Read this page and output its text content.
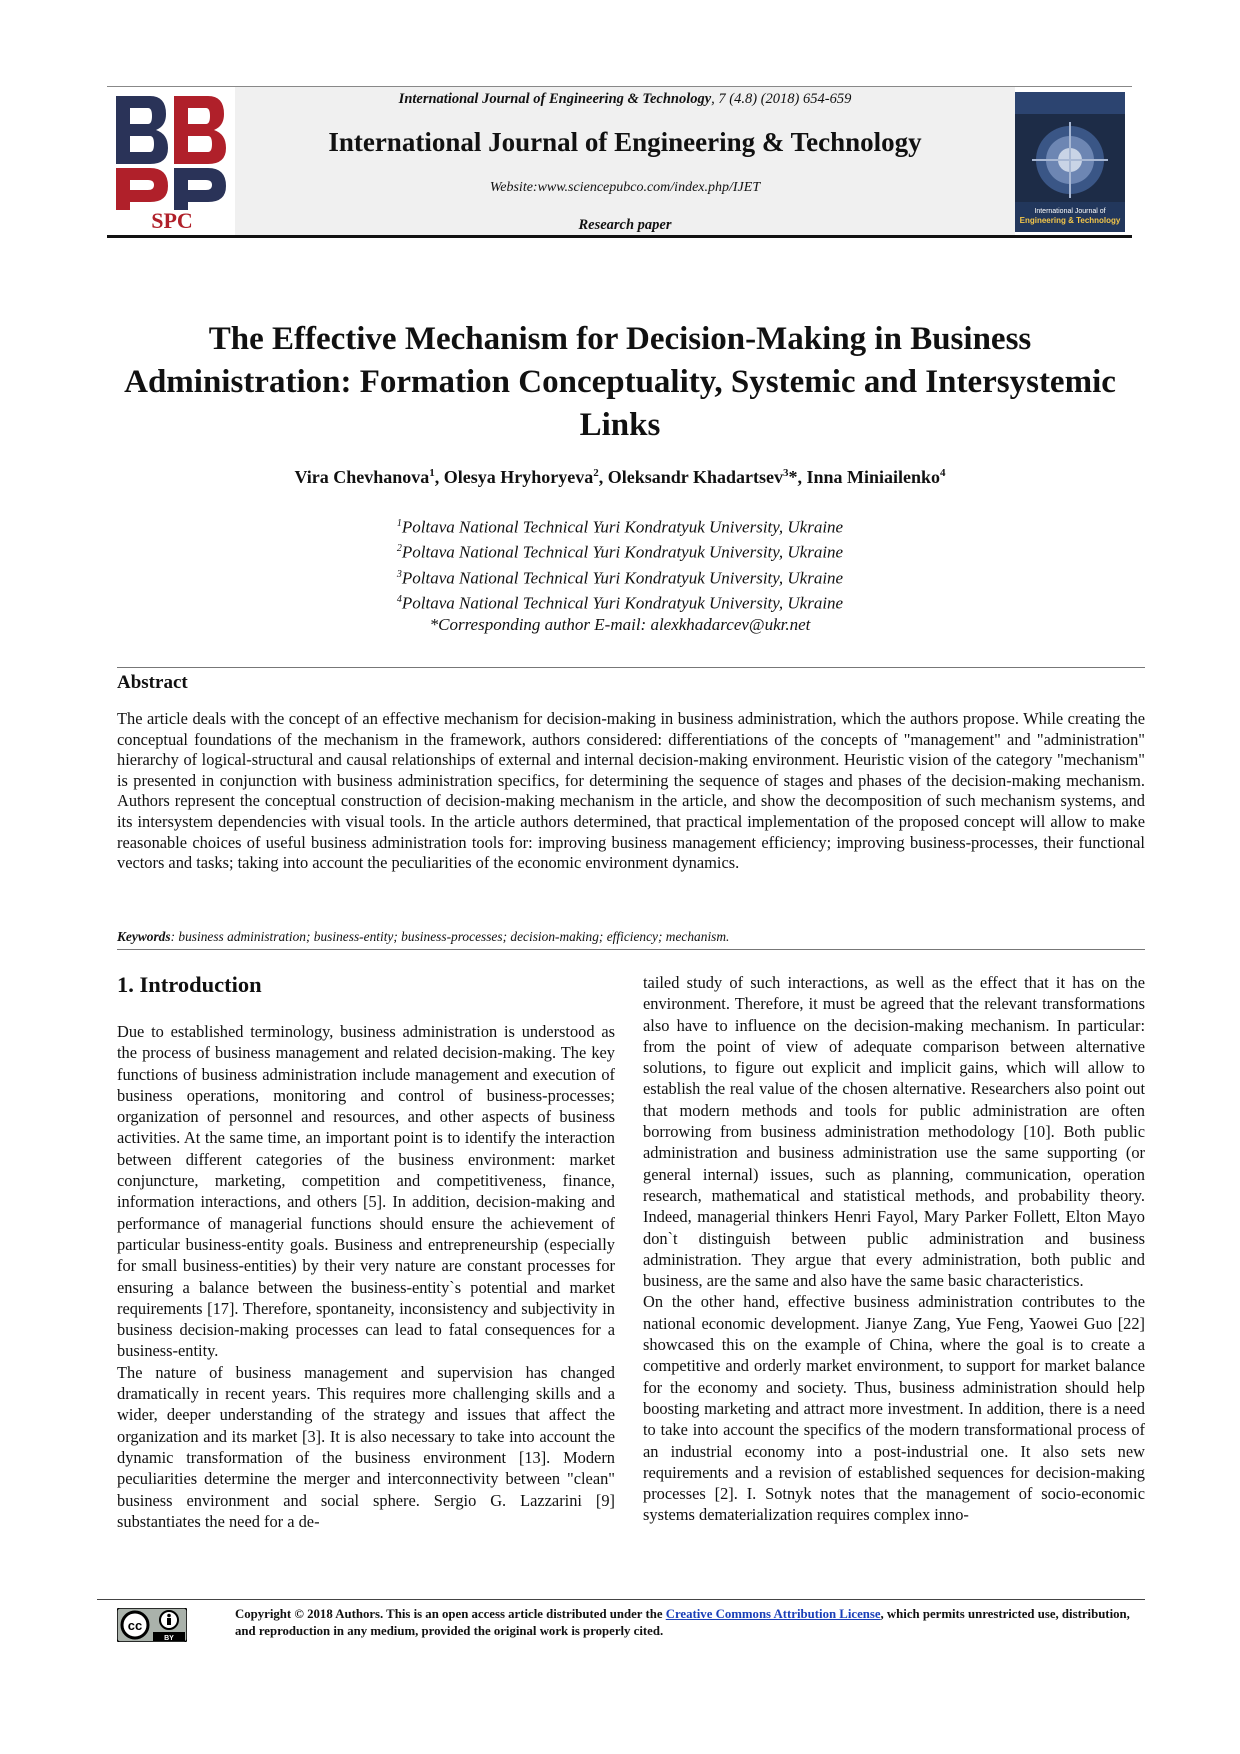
SPC
International Journal of Engineering & Technology, 7 (4.8) (2018) 654-659
International Journal of Engineering & Technology
Website:www.sciencepubco.com/index.php/IJET
Research paper
International Journal of
Engineering & Technology
The Effective Mechanism for Decision-Making in Business Administration: Formation Conceptuality, Systemic and Intersystemic Links
Vira Chevhanova$^1$, Olesya Hryhoryeva$^2$, Oleksandr Khadartsev$^3$*, Inna Miniailenko$^4$
$^1$Poltava National Technical Yuri Kondratyuk University, Ukraine
$^2$Poltava National Technical Yuri Kondratyuk University, Ukraine
$^3$Poltava National Technical Yuri Kondratyuk University, Ukraine
$^4$Poltava National Technical Yuri Kondratyuk University, Ukraine
*Corresponding author E-mail: alexkhadarcev@ukr.net
Abstract
The article deals with the concept of an effective mechanism for decision-making in business administration, which the authors propose. While creating the conceptual foundations of the mechanism in the framework, authors considered: differentiations of the concepts of "management" and "administration" hierarchy of logical-structural and causal relationships of external and internal decision-making environment. Heuristic vision of the category "mechanism" is presented in conjunction with business administration specifics, for determining the sequence of stages and phases of the decision-making mechanism. Authors represent the conceptual construction of decision-making mechanism in the article, and show the decomposition of such mechanism systems, and its intersystem dependencies with visual tools. In the article authors determined, that practical implementation of the proposed concept will allow to make reasonable choices of useful business administration tools for: improving business management efficiency; improving business-processes, their functional vectors and tasks; taking into account the peculiarities of the economic environment dynamics.
Keywords: business administration; business-entity; business-processes; decision-making; efficiency; mechanism.
1. Introduction

Due to established terminology, business administration is understood as the process of business management and related decision-making. The key functions of business administration include management and execution of business operations, monitoring and control of business-processes; organization of personnel and resources, and other aspects of business activities. At the same time, an important point is to identify the interaction between different categories of the business environment: market conjuncture, marketing, competition and competitiveness, finance, information interactions, and others [5]. In addition, decision-making and performance of managerial functions should ensure the achievement of particular business-entity goals. Business and entrepreneurship (especially for small business-entities) by their very nature are constant processes for ensuring a balance between the business-entity`s potential and market requirements [17]. Therefore, spontaneity, inconsistency and subjectivity in business decision-making processes can lead to fatal consequences for a business-entity.

The nature of business management and supervision has changed dramatically in recent years. This requires more challenging skills and a wider, deeper understanding of the strategy and issues that affect the organization and its market [3]. It is also necessary to take into account the dynamic transformation of the business environment [13]. Modern peculiarities determine the merger and interconnectivity between "clean" business environment and social sphere. Sergio G. Lazzarini [9] substantiates the need for a de-

tailed study of such interactions, as well as the effect that it has on the environment. Therefore, it must be agreed that the relevant transformations also have to influence on the decision-making mechanism. In particular: from the point of view of adequate comparison between alternative solutions, to figure out explicit and implicit gains, which will allow to establish the real value of the chosen alternative. Researchers also point out that modern methods and tools for public administration are often borrowing from business administration methodology [10]. Both public administration and business administration use the same supporting (or general internal) issues, such as planning, communication, operation research, mathematical and statistical methods, and probability theory. Indeed, managerial thinkers Henri Fayol, Mary Parker Follett, Elton Mayo don`t distinguish between public administration and business administration. They argue that every administration, both public and business, are the same and also have the same basic characteristics.

On the other hand, effective business administration contributes to the national economic development. Jianye Zang, Yue Feng, Yaowei Guo [22] showcased this on the example of China, where the goal is to create a competitive and orderly market environment, to support for market balance for the economy and society. Thus, business administration should help boosting marketing and attract more investment. In addition, there is a need to take into account the specifics of the modern transformational process of an industrial economy into a post-industrial one. It also sets new requirements and a revision of established sequences for decision-making processes [2]. I. Sotnyk notes that the management of socio-economic systems dematerialization requires complex inno-

cc
BY
Copyright © 2018 Authors. This is an open access article distributed under the Creative Commons Attribution License, which permits unrestricted use, distribution, and reproduction in any medium, provided the original work is properly cited.
